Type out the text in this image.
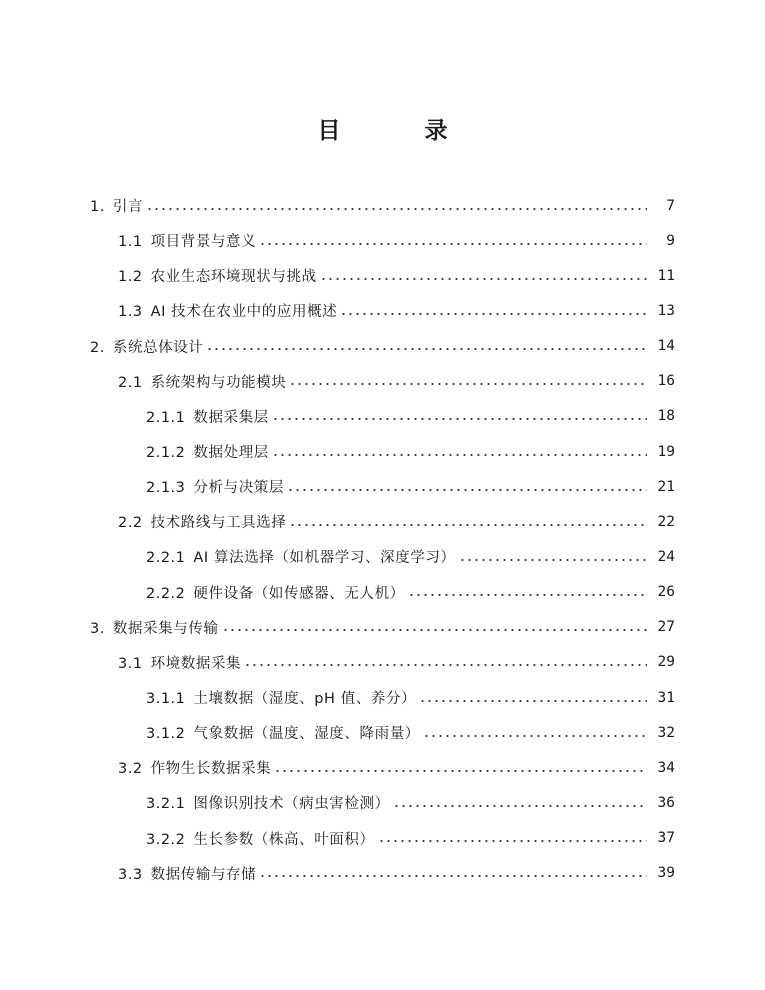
目 录
1. 引言	7
1.1 项目背景与意义	9
1.2 农业生态环境现状与挑战	11
1.3 AI 技术在农业中的应用概述	13
2. 系统总体设计	14
2.1 系统架构与功能模块	16
2.1.1 数据采集层	18
2.1.2 数据处理层	19
2.1.3 分析与决策层	21
2.2 技术路线与工具选择	22
2.2.1 AI 算法选择（如机器学习、深度学习）	24
2.2.2 硬件设备（如传感器、无人机）	26
3. 数据采集与传输	27
3.1 环境数据采集	29
3.1.1 土壤数据（湿度、pH 值、养分）	31
3.1.2 气象数据（温度、湿度、降雨量）	32
3.2 作物生长数据采集	34
3.2.1 图像识别技术（病虫害检测）	36
3.2.2 生长参数（株高、叶面积）	37
3.3 数据传输与存储	39
